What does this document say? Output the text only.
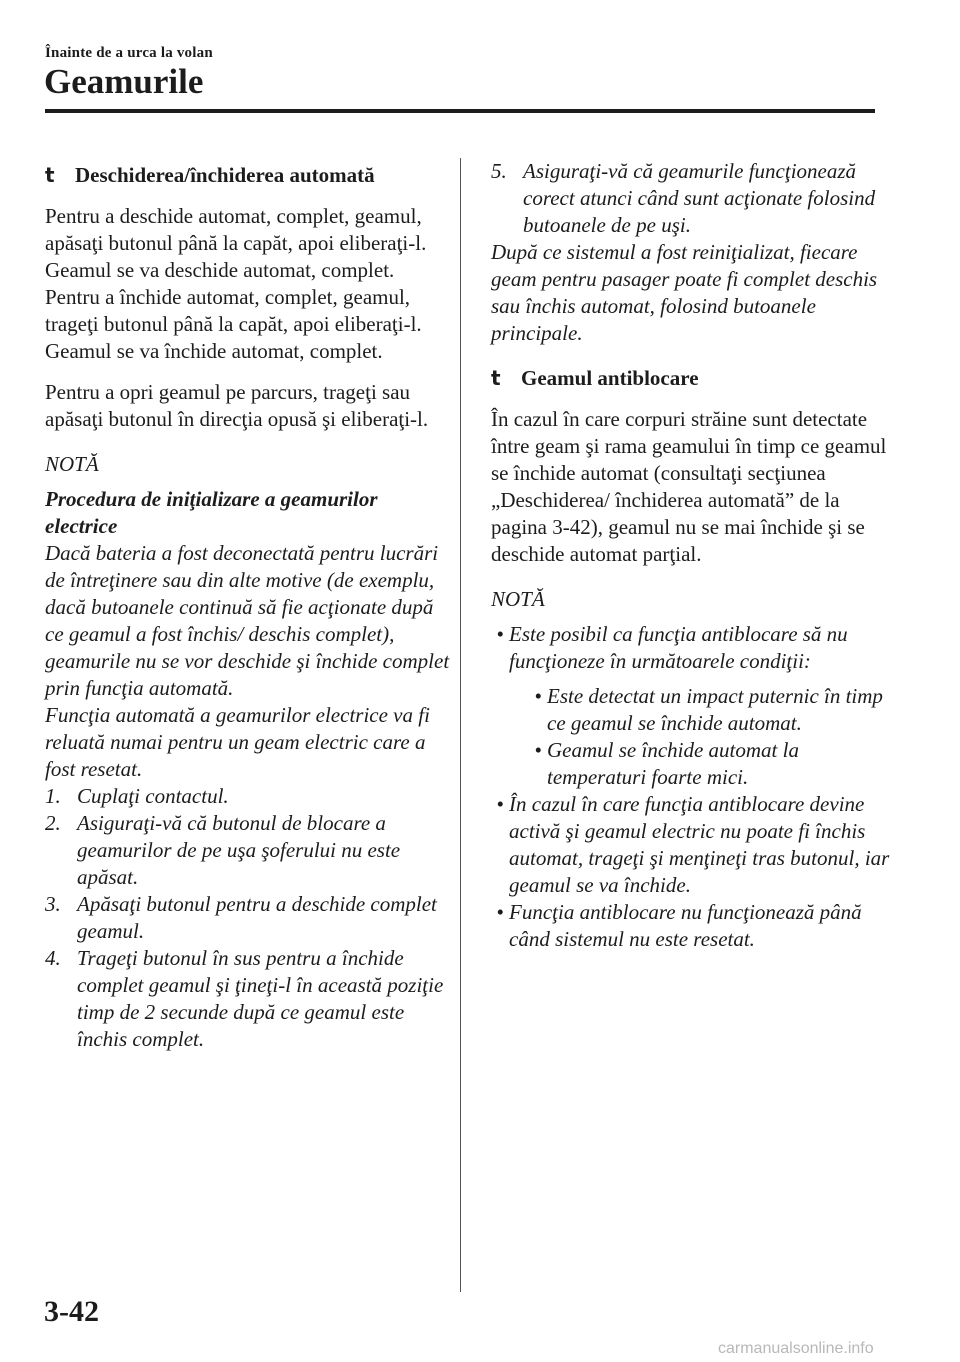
Înainte de a urca la volan
Geamurile
t Deschiderea/închiderea automată

Pentru a deschide automat, complet, geamul, apăsaţi butonul până la capăt, apoi eliberaţi-l. Geamul se va deschide automat, complet.

Pentru a închide automat, complet, geamul, trageţi butonul până la capăt, apoi eliberaţi-l. Geamul se va închide automat, complet.

Pentru a opri geamul pe parcurs, trageţi sau apăsaţi butonul în direcţia opusă şi eliberaţi-l.

NOTĂ
Procedura de iniţializare a geamurilor electrice

Dacă bateria a fost deconectată pentru lucrări de întreţinere sau din alte motive (de exemplu, dacă butoanele continuă să fie acţionate după ce geamul a fost închis/ deschis complet), geamurile nu se vor deschide şi închide complet prin funcţia automată.

Funcţia automată a geamurilor electrice va fi reluată numai pentru un geam electric care a fost resetat.

1. Cuplaţi contactul.
2. Asiguraţi-vă că butonul de blocare a geamurilor de pe uşa şoferului nu este apăsat.
3. Apăsaţi butonul pentru a deschide complet geamul.
4. Trageţi butonul în sus pentru a închide complet geamul şi ţineţi-l în această poziţie timp de 2 secunde după ce geamul este închis complet.
5. Asiguraţi-vă că geamurile funcţionează corect atunci când sunt acţionate folosind butoanele de pe uşi.

După ce sistemul a fost reiniţializat, fiecare geam pentru pasager poate fi complet deschis sau închis automat, folosind butoanele principale.

t Geamul antiblocare

În cazul în care corpuri străine sunt detectate între geam şi rama geamului în timp ce geamul se închide automat (consultaţi secţiunea „Deschiderea/ închiderea automată” de la pagina 3-42), geamul nu se mai închide şi se deschide automat parţial.

NOTĂ
• Este posibil ca funcţia antiblocare să nu funcţioneze în următoarele condiţii:
• Este detectat un impact puternic în timp ce geamul se închide automat.
• Geamul se închide automat la temperaturi foarte mici.
• În cazul în care funcţia antiblocare devine activă şi geamul electric nu poate fi închis automat, trageţi şi menţineţi tras butonul, iar geamul se va închide.
• Funcţia antiblocare nu funcţionează până când sistemul nu este resetat.
3-42
carmanualsonline.info
